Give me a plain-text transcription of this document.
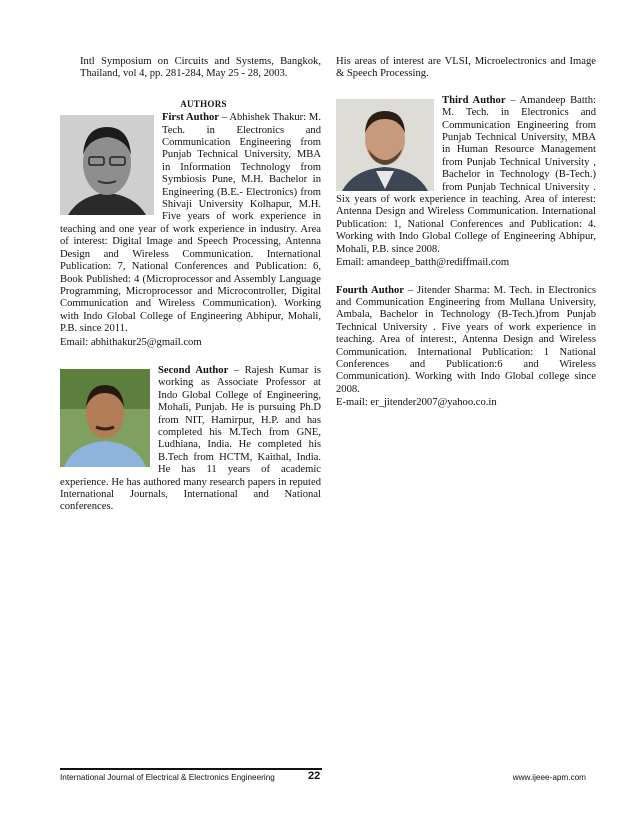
Intl Symposium on Circuits and Systems, Bangkok, Thailand, vol 4, pp. 281-284, May 25 - 28, 2003.

AUTHORS

First Author – Abhishek Thakur: M. Tech. in Electronics and Communication Engineering from Punjab Technical University, MBA in Information Technology from Symbiosis Pune, M.H. Bachelor in Engineering (B.E.- Electronics) from Shivaji University Kolhapur, M.H. Five years of work experience in teaching and one year of work experience in industry. Area of interest: Digital Image and Speech Processing, Antenna Design and Wireless Communication. International Publication: 7, National Conferences and Publication: 6, Book Published: 4 (Microprocessor and Assembly Language Programming, Microprocessor and Microcontroller, Digital Communication and Wireless Communication). Working with Indo Global College of Engineering Abhipur, Mohali, P.B. since 2011.

Email: abhithakur25@gmail.com

Second Author – Rajesh Kumar is working as Associate Professor at Indo Global College of Engineering, Mohali, Punjab. He is pursuing Ph.D from NIT, Hamirpur, H.P. and has completed his M.Tech from GNE, Ludhiana, India. He completed his B.Tech from HCTM, Kaithal, India. He has 11 years of academic experience. He has authored many research papers in reputed International Journals, International and National conferences.

His areas of interest are VLSI, Microelectronics and Image & Speech Processing.

Third Author – Amandeep Batth: M. Tech. in Electronics and Communication Engineering from Punjab Technical University, MBA in Human Resource Management from Punjab Technical University , Bachelor in Technology (B-Tech.) from Punjab Technical University . Six years of work experience in teaching. Area of interest: Antenna Design and Wireless Communication. International Publication: 1, National Conferences and Publication: 4. Working with Indo Global College of Engineering Abhipur, Mohali, P.B. since 2008.

Email: amandeep_batth@rediffmail.com

Fourth Author – Jitender Sharma: M. Tech. in Electronics and Communication Engineering from Mullana University, Ambala, Bachelor in Technology (B-Tech.)from Punjab Technical University . Five years of work experience in teaching. Area of interest:, Antenna Design and Wireless Communication. International Publication: 1 National Conferences and Publication:6 and Wireless Communication). Working with Indo Global college since 2008.

E-mail: er_jitender2007@yahoo.co.in

International Journal of Electrical & Electronics Engineering	22	www.ijeee-apm.com
